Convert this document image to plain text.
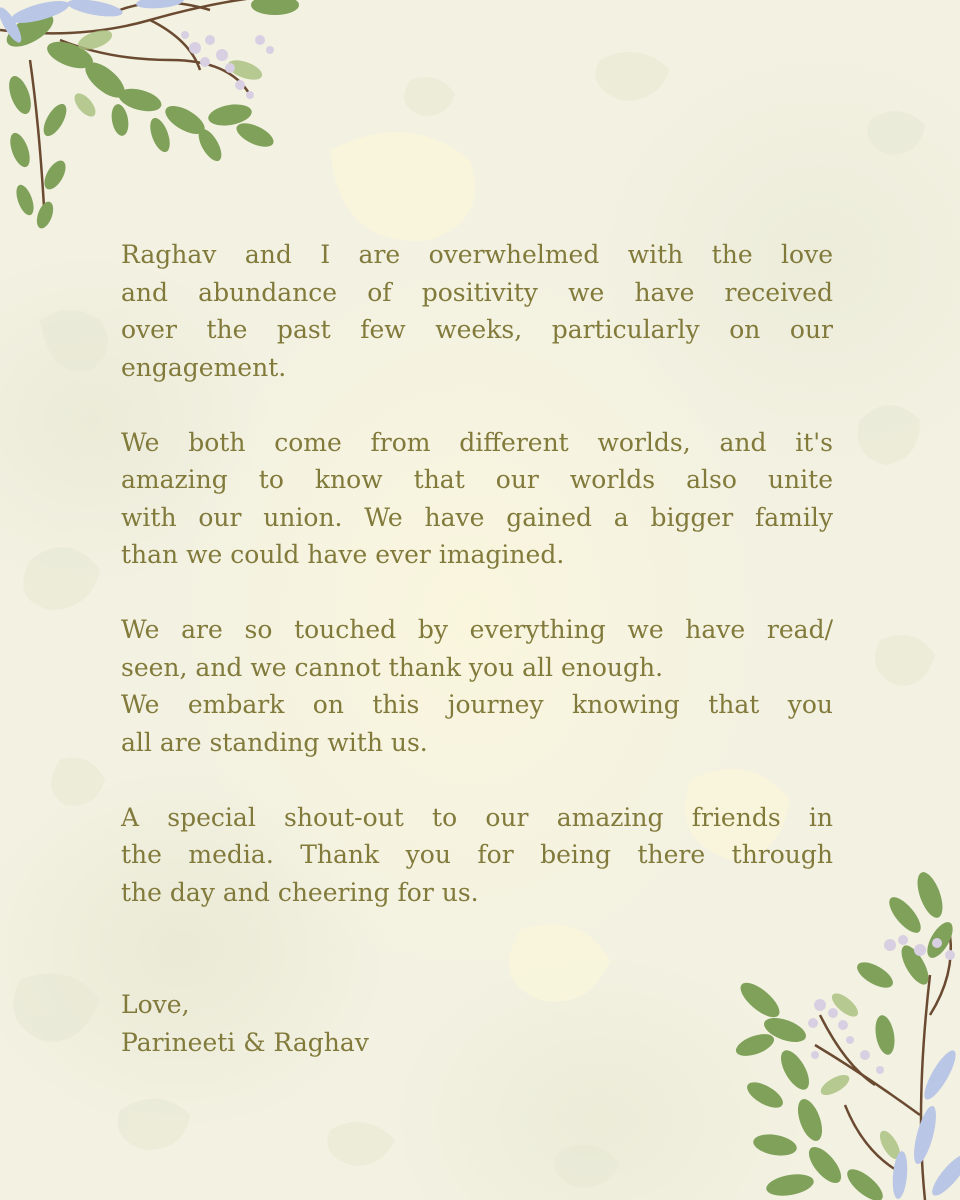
Raghav and I are overwhelmed with the love
and abundance of positivity we have received
over the past few weeks, particularly on our
engagement.
We both come from different worlds, and it's
amazing to know that our worlds also unite
with our union. We have gained a bigger family
than we could have ever imagined.
We are so touched by everything we have read/
seen, and we cannot thank you all enough.
We embark on this journey knowing that you
all are standing with us.
A special shout-out to our amazing friends in
the media. Thank you for being there through
the day and cheering for us.
Love,
Parineeti & Raghav
